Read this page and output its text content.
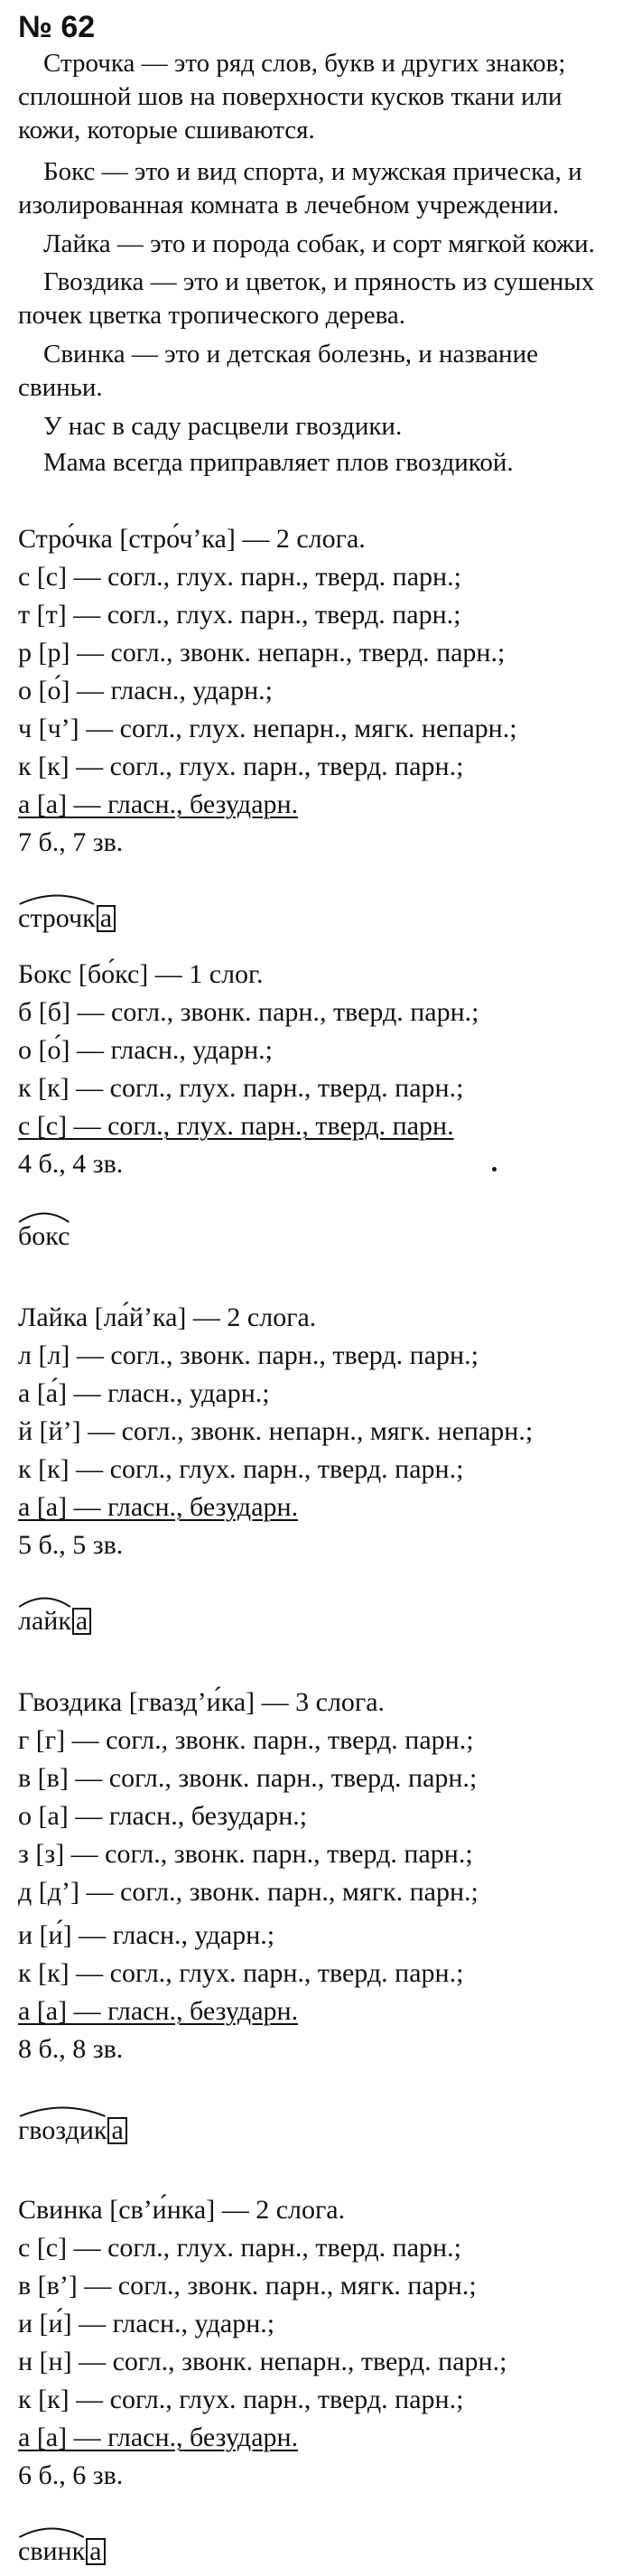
№ 62

Строчка — это ряд слов, букв и других знаков; сплошной шов на поверхности кусков ткани или кожи, которые сшиваются.

Бокс — это и вид спорта, и мужская прическа, и изолированная комната в лечебном учреждении.

Лайка — это и порода собак, и сорт мягкой кожи.

Гвоздика — это и цветок, и пряность из сушеных почек цветка тропического дерева.

Свинка — это и детская болезнь, и название свиньи.

У нас в саду расцвели гвоздики.

Мама всегда приправляет плов гвоздикой.

Стро́чка [стро́ч’ка] — 2 слога.
с [с] — согл., глух. парн., тверд. парн.;
т [т] — согл., глух. парн., тверд. парн.;
р [р] — согл., звонк. непарн., тверд. парн.;
о [о́] — гласн., ударн.;
ч [ч’] — согл., глух. непарн., мягк. непарн.;
к [к] — согл., глух. парн., тверд. парн.;
а [а] — гласн., безударн.
7 б., 7 зв.
строчк а
Бокс [бо́кс] — 1 слог.
б [б] — согл., звонк. парн., тверд. парн.;
о [о́] — гласн., ударн.;
к [к] — согл., глух. парн., тверд. парн.;
с [с] — согл., глух. парн., тверд. парн.
4 б., 4 зв.
бокс
Лайка [ла́й’ка] — 2 слога.
л [л] — согл., звонк. парн., тверд. парн.;
а [а́] — гласн., ударн.;
й [й’] — согл., звонк. непарн., мягк. непарн.;
к [к] — согл., глух. парн., тверд. парн.;
а [а] — гласн., безударн.
5 б., 5 зв.
лайк а
Гвоздика [гвазд’и́ка] — 3 слога.
г [г] — согл., звонк. парн., тверд. парн.;
в [в] — согл., звонк. парн., тверд. парн.;
о [а] — гласн., безударн.;
з [з] — согл., звонк. парн., тверд. парн.;
д [д’] — согл., звонк. парн., мягк. парн.;
и [и́] — гласн., ударн.;
к [к] — согл., глух. парн., тверд. парн.;
а [а] — гласн., безударн.
8 б., 8 зв.
гвоздик а
Свинка [св’и́нка] — 2 слога.
с [с] — согл., глух. парн., тверд. парн.;
в [в’] — согл., звонк. парн., мягк. парн.;
и [и́] — гласн., ударн.;
н [н] — согл., звонк. непарн., тверд. парн.;
к [к] — согл., глух. парн., тверд. парн.;
а [а] — гласн., безударн.
6 б., 6 зв.
свинк а
